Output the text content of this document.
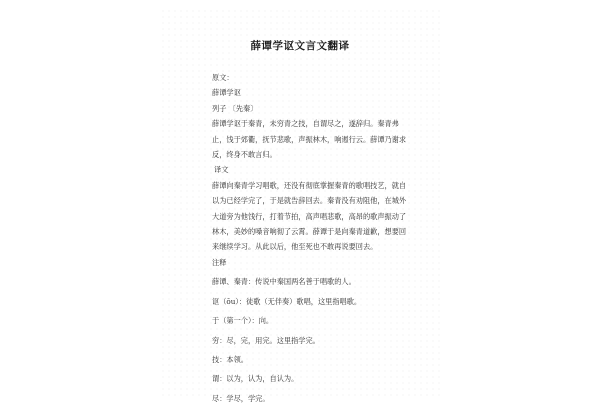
薛谭学讴文言文翻译
原文：
薛谭学讴
列子 〔先秦〕
薛谭学讴于秦青，未穷青之技，自谓尽之，遂辞归。秦青弗止，饯于郊衢，抚节悲歌，声振林木，响遏行云。薛谭乃谢求反，终身不敢言归。
译文
薛谭向秦青学习唱歌，还没有彻底掌握秦青的歌唱技艺，就自以为已经学完了，于是就告辞回去。秦青没有劝阻他，在城外大道旁为他饯行，打着节拍，高声唱悲歌，高昂的歌声振动了林木，美妙的嗓音响彻了云霄。薛谭于是向秦青道歉，想要回来继续学习。从此以后，他至死也不敢再说要回去。
注释
薛谭、秦青：传说中秦国两名善于唱歌的人。
讴（ōu）：徒歌（无伴奏）歌唱，这里指唱歌。
于（第一个）：向。
穷：尽，完，用完。这里指学完。
技：本领。
谓：以为，认为，自认为。
尽：学尽，学完。
